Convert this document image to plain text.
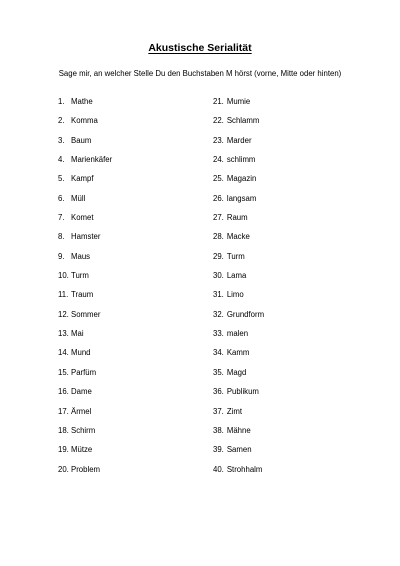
Akustische Serialität
Sage mir, an welcher Stelle Du den Buchstaben M hörst (vorne, Mitte oder hinten)
1. Mathe
2. Komma
3. Baum
4. Marienkäfer
5. Kampf
6. Müll
7. Komet
8. Hamster
9. Maus
10. Turm
11. Traum
12. Sommer
13. Mai
14. Mund
15. Parfüm
16. Dame
17. Ärmel
18. Schirm
19. Mütze
20. Problem
21. Mumie
22. Schlamm
23. Marder
24. schlimm
25. Magazin
26. langsam
27. Raum
28. Macke
29. Turm
30. Lama
31. Limo
32. Grundform
33. malen
34. Kamm
35. Magd
36. Publikum
37. Zimt
38. Mähne
39. Samen
40. Strohhalm
